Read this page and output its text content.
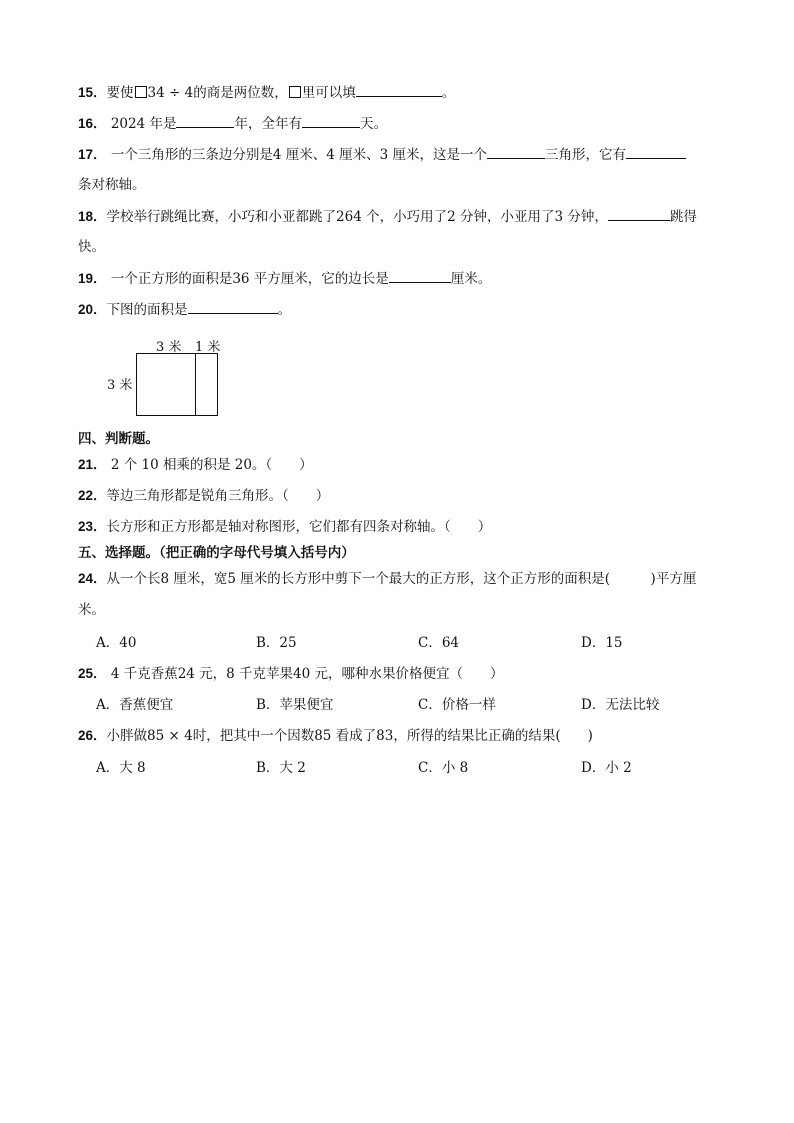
15．要使 34 ÷ 4的商是两位数， 里可以填	。
16． 2024 年是	年，全年有	天。
17． 一个三角形的三条边分别是4 厘米、4 厘米、3 厘米，这是一个	三角形，它有
条对称轴。
18．学校举行跳绳比赛，小巧和小亚都跳了264 个，小巧用了2 分钟，小亚用了3 分钟，	跳得
快。
19． 一个正方形的面积是36 平方厘米，它的边长是	厘米。
20．下图的面积是	。
3 米 1 米
3 米
四、判断题。
21． 2 个 10 相乘的积是 20。（　　）
22．等边三角形都是锐角三角形。（　　）
23．长方形和正方形都是轴对称图形，它们都有四条对称轴。（　　）
五、选择题。（把正确的字母代号填入括号内）
24．从一个长8 厘米，宽5 厘米的长方形中剪下一个最大的正方形，这个正方形的面积是(　　　)平方厘
米。
A．40	B．25	C．64	D．15
25． 4 千克香蕉24 元，8 千克苹果40 元，哪种水果价格便宜（　　）
A．香蕉便宜	B．苹果便宜	C．价格一样	D．无法比较
26．小胖做85 × 4时，把其中一个因数85 看成了83，所得的结果比正确的结果(　　)
A．大 8	B．大 2	C．小 8	D．小 2
